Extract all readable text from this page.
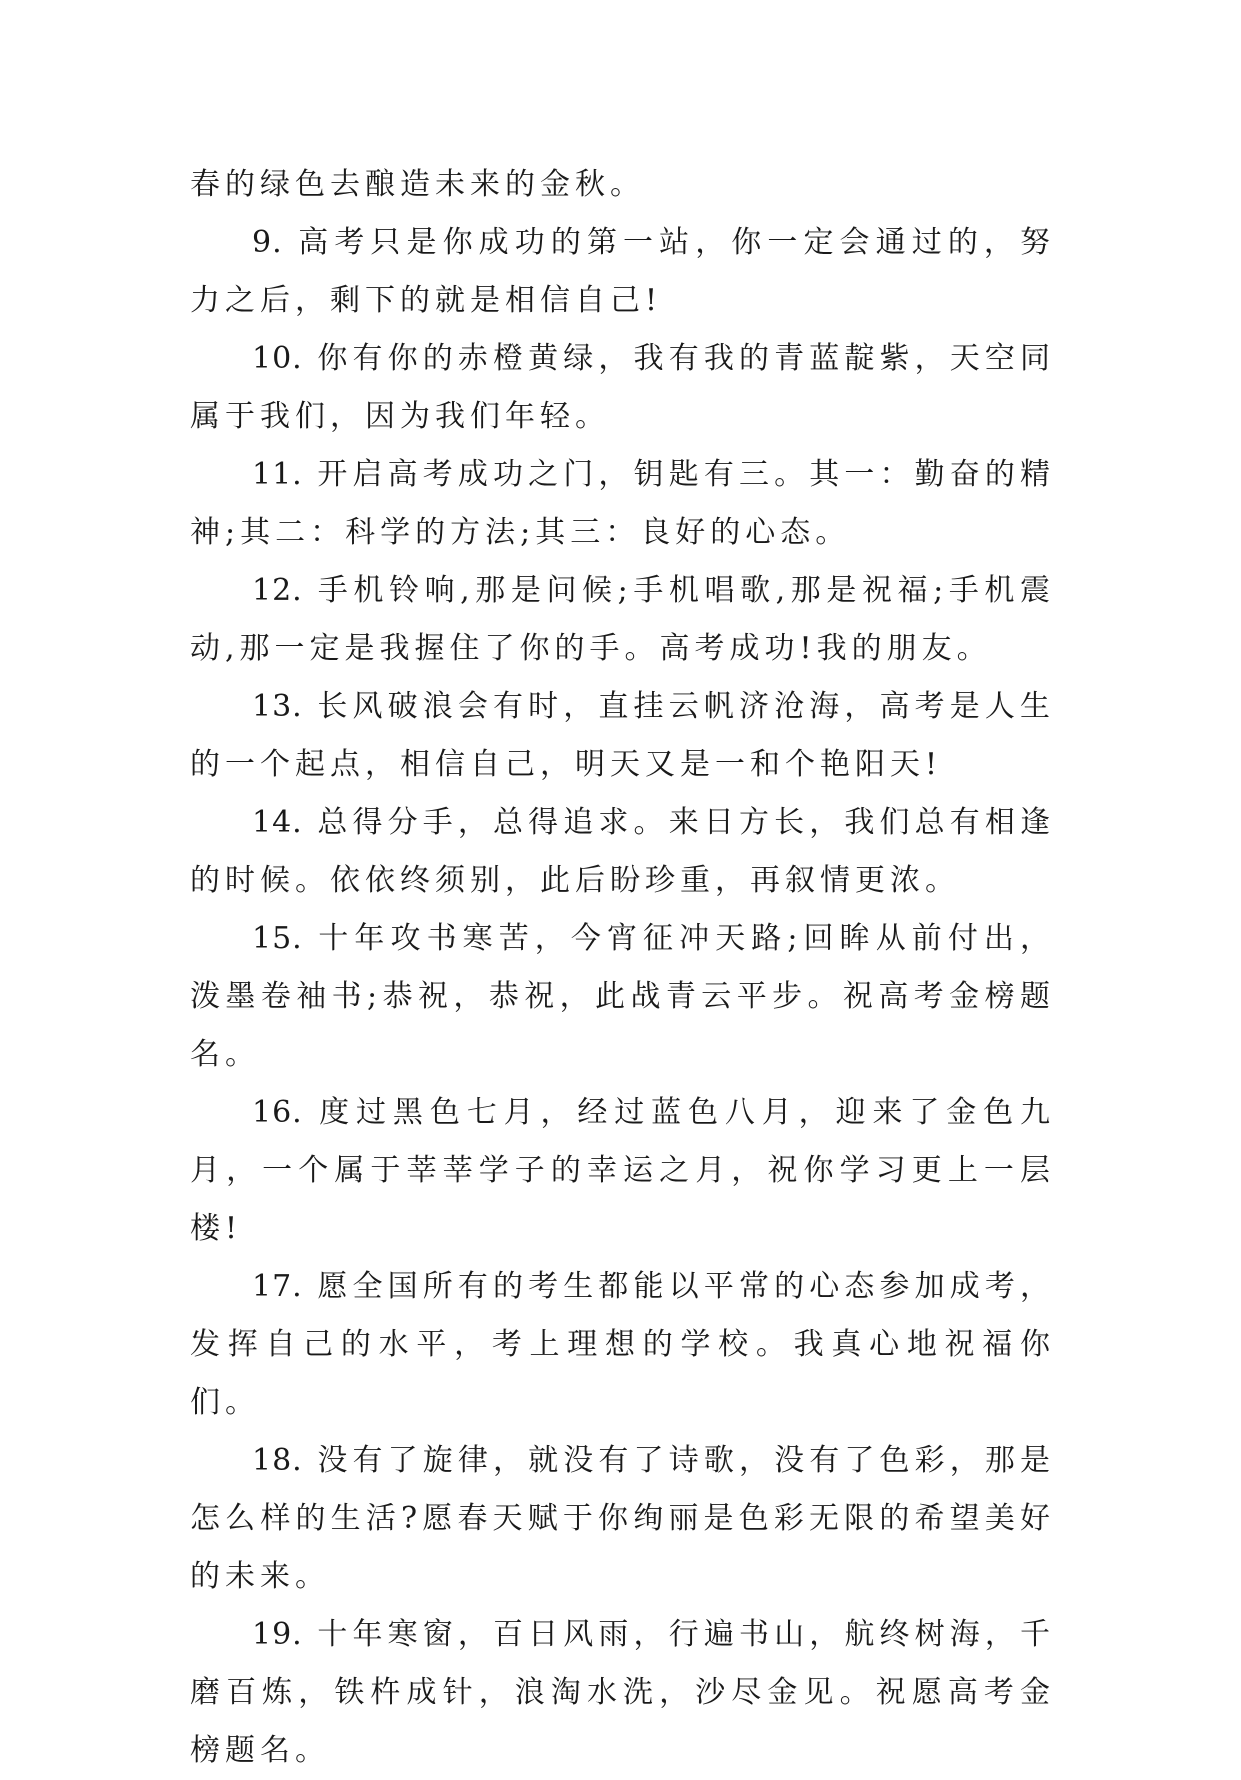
春的绿色去酿造未来的金秋。

9. 高考只是你成功的第一站，你一定会通过的，努力之后，剩下的就是相信自己!

10. 你有你的赤橙黄绿，我有我的青蓝靛紫，天空同属于我们，因为我们年轻。

11. 开启高考成功之门，钥匙有三。其一：勤奋的精神;其二：科学的方法;其三：良好的心态。

12. 手机铃响,那是问候;手机唱歌,那是祝福;手机震动,那一定是我握住了你的手。高考成功!我的朋友。

13. 长风破浪会有时，直挂云帆济沧海，高考是人生的一个起点，相信自己，明天又是一和个艳阳天!

14. 总得分手，总得追求。来日方长，我们总有相逢的时候。依依终须别，此后盼珍重，再叙情更浓。

15. 十年攻书寒苦，今宵征冲天路;回眸从前付出，泼墨卷袖书;恭祝，恭祝，此战青云平步。祝高考金榜题名。

16. 度过黑色七月，经过蓝色八月，迎来了金色九月，一个属于莘莘学子的幸运之月，祝你学习更上一层楼!

17. 愿全国所有的考生都能以平常的心态参加成考，发挥自己的水平，考上理想的学校。我真心地祝福你们。

18. 没有了旋律，就没有了诗歌，没有了色彩，那是怎么样的生活?愿春天赋于你绚丽是色彩无限的希望美好的未来。

19. 十年寒窗，百日风雨，行遍书山，航终树海，千磨百炼，铁杵成针，浪淘水洗，沙尽金见。祝愿高考金榜题名。
